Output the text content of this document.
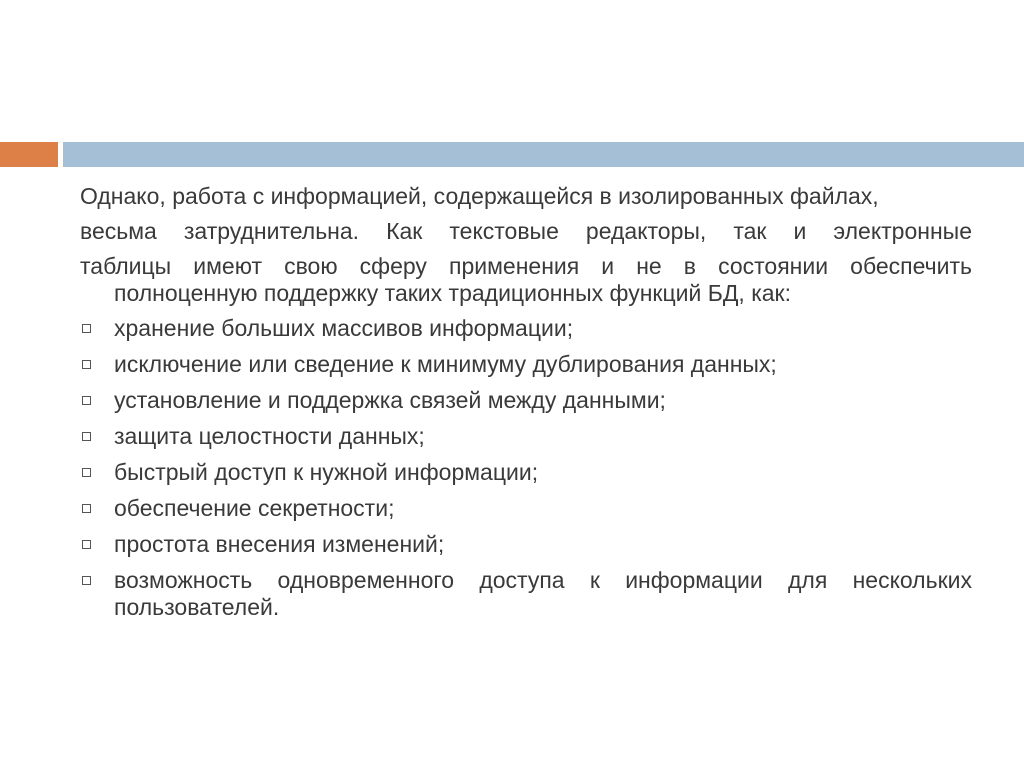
Однако, работа с информацией, содержащейся в изолированных файлах,

весьма затруднительна. Как текстовые редакторы, так и электронные

таблицы имеют свою сферу применения и не в состоянии обеспечить полноценную поддержку таких традиционных функций БД, как:

хранение больших массивов информации;
исключение или сведение к минимуму дублирования данных;
установление и поддержка связей между данными;
защита целостности данных;
быстрый доступ к нужной информации;
обеспечение секретности;
простота внесения изменений;
возможность одновременного доступа к информации для нескольких пользователей.
